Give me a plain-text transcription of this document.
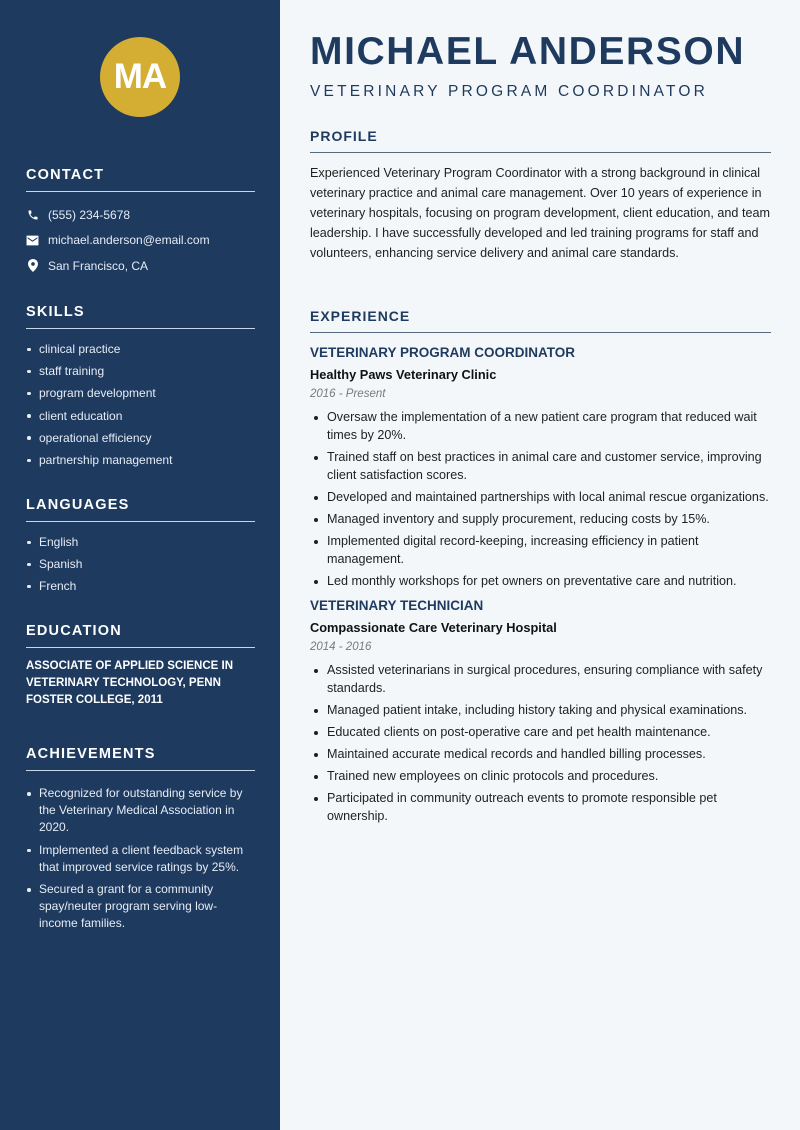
MA
CONTACT
(555) 234-5678
michael.anderson@email.com
San Francisco, CA
SKILLS
clinical practice
staff training
program development
client education
operational efficiency
partnership management
LANGUAGES
English
Spanish
French
EDUCATION

ASSOCIATE OF APPLIED SCIENCE IN VETERINARY TECHNOLOGY, PENN FOSTER COLLEGE, 2011

ACHIEVEMENTS
Recognized for outstanding service by the Veterinary Medical Association in 2020.
Implemented a client feedback system that improved service ratings by 25%.
Secured a grant for a community spay/neuter program serving low-income families.
MICHAEL ANDERSON
VETERINARY PROGRAM COORDINATOR
PROFILE

Experienced Veterinary Program Coordinator with a strong background in clinical veterinary practice and animal care management. Over 10 years of experience in veterinary hospitals, focusing on program development, client education, and team leadership. I have successfully developed and led training programs for staff and volunteers, enhancing service delivery and animal care standards.

EXPERIENCE
VETERINARY PROGRAM COORDINATOR
Healthy Paws Veterinary Clinic
2016 - Present
Oversaw the implementation of a new patient care program that reduced wait times by 20%.
Trained staff on best practices in animal care and customer service, improving client satisfaction scores.
Developed and maintained partnerships with local animal rescue organizations.
Managed inventory and supply procurement, reducing costs by 15%.
Implemented digital record-keeping, increasing efficiency in patient management.
Led monthly workshops for pet owners on preventative care and nutrition.
VETERINARY TECHNICIAN
Compassionate Care Veterinary Hospital
2014 - 2016
Assisted veterinarians in surgical procedures, ensuring compliance with safety standards.
Managed patient intake, including history taking and physical examinations.
Educated clients on post-operative care and pet health maintenance.
Maintained accurate medical records and handled billing processes.
Trained new employees on clinic protocols and procedures.
Participated in community outreach events to promote responsible pet ownership.
